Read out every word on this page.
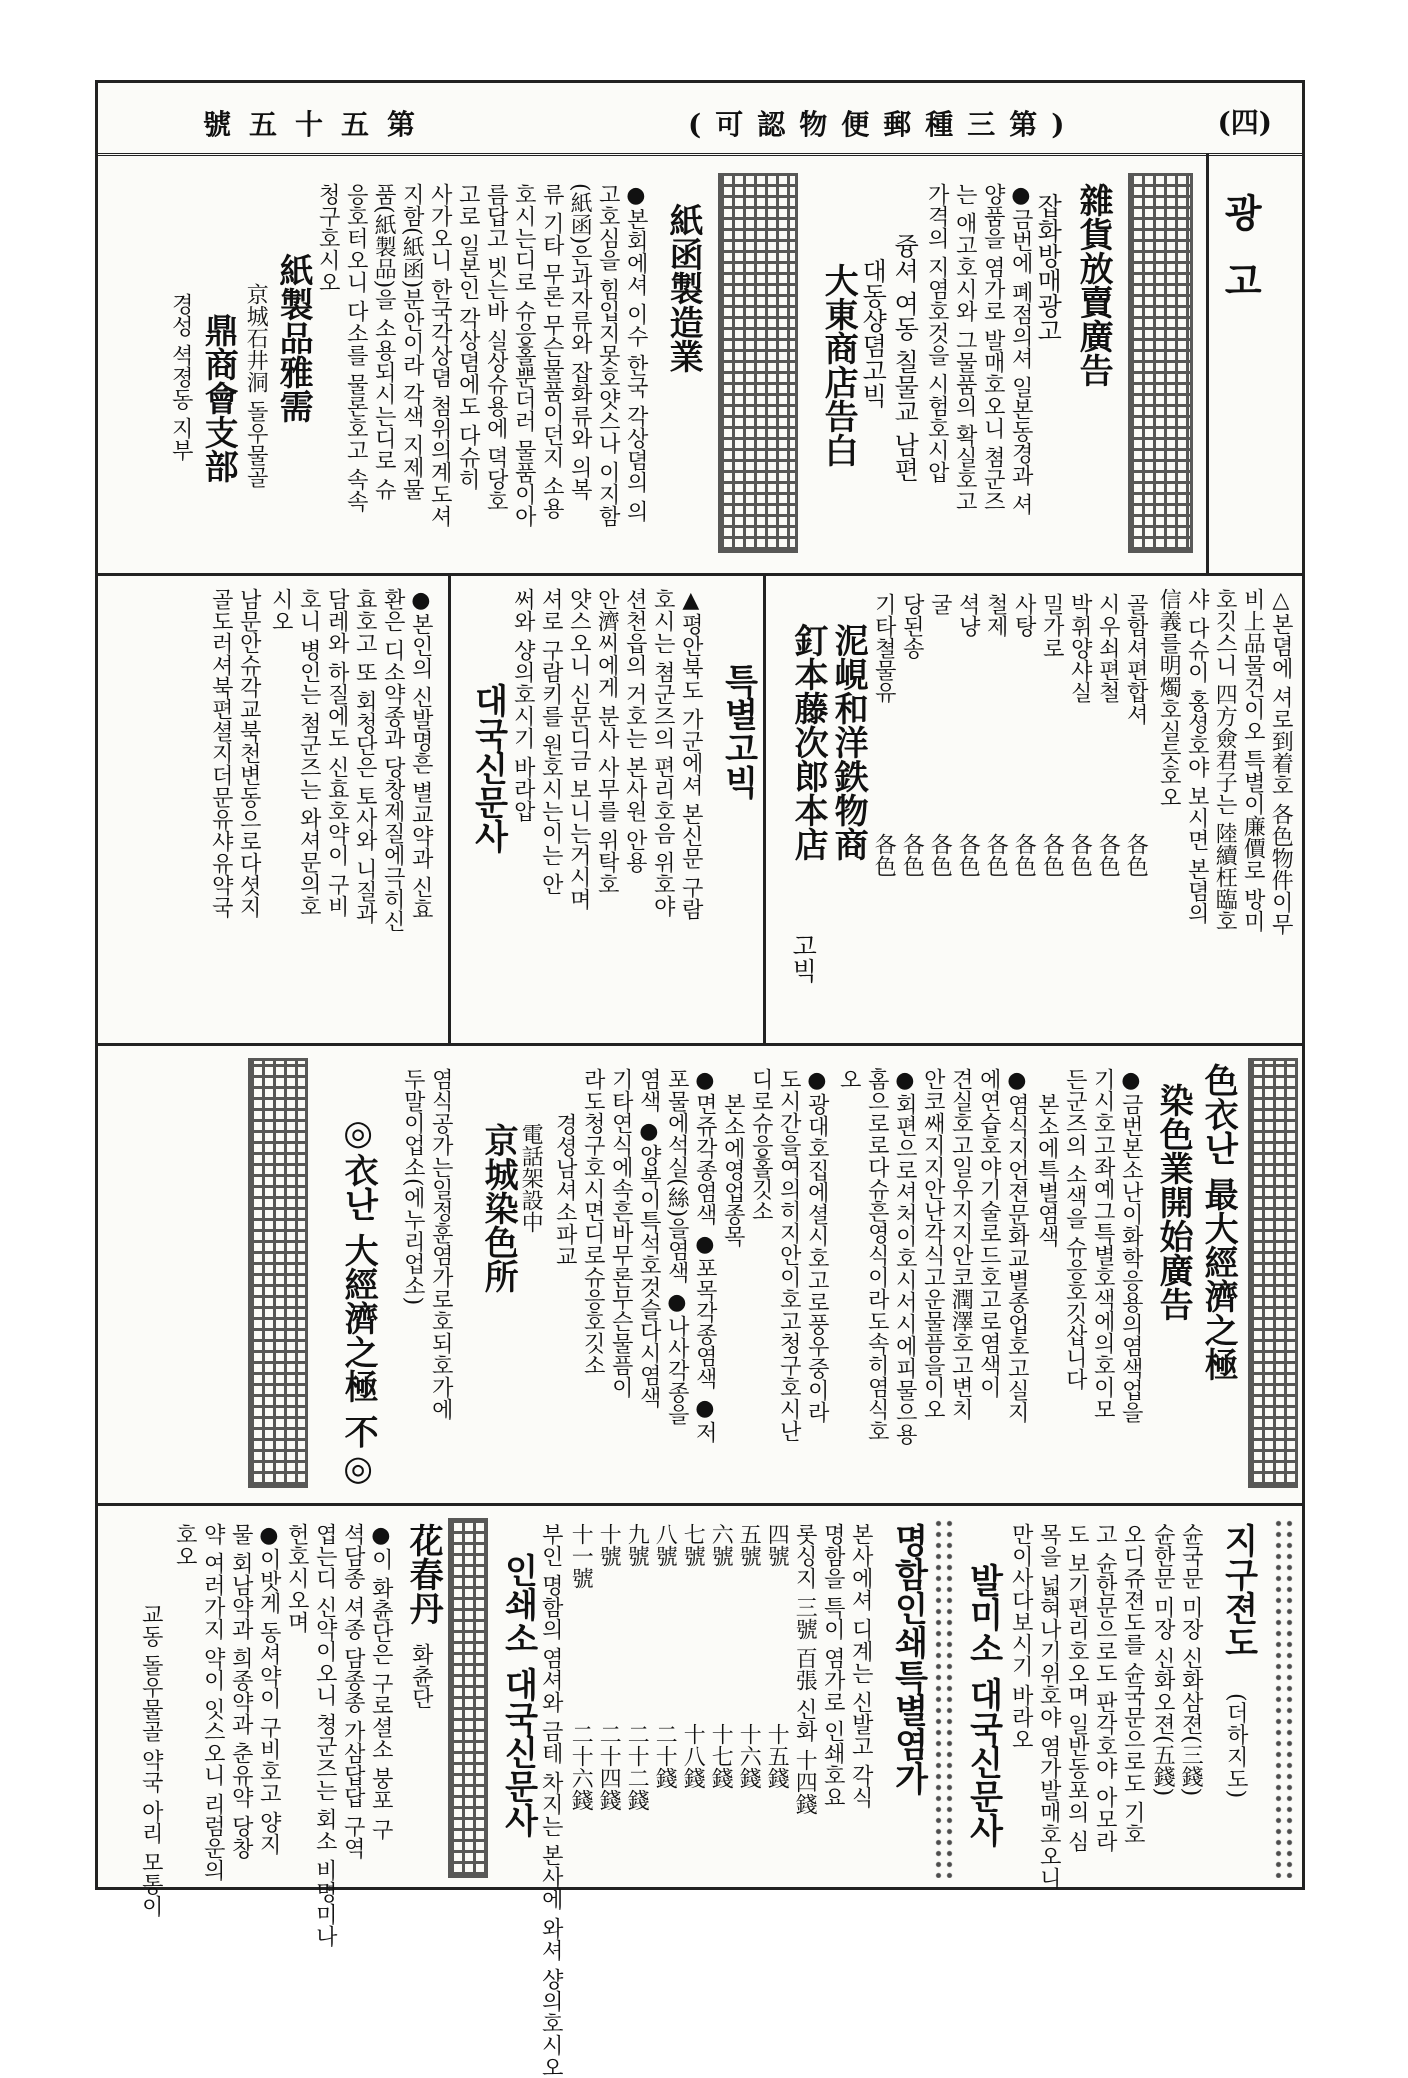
號五十五第	(可認物便郵種三第)	(四)
광고
雜貨放賣廣告
잡화방매광고
●금번에 폐점의셔 일본동경과 셔
양품을 염가로 발매호오니 쳠군즈
는 애고호시와 그물품의 확실호고
가격의 지염호것을 시험호시압
즁셔 여동 칠물교 남편
대동샹뎜고빅
大東商店告白
紙函製造業
●본회에셔 이수 한국 각상뎜의 의
고호심을 힘입지못호얏스나 이지함
(紙函)은과자류와 잡화류와 의복
류 기타 무론 무슨물품이던지 소용
호시는디로 슈응홀뿐더러 물품이아
름답고 빗는바 실상슈용에 뎍당호
고로 일본인 각상뎜에도 다슈히
사가오니 한국각상뎜 첨위의계도셔
지함(紙函)분안이라 각색 지제물
품(紙製品)을 소용되시는디로 슈
응호터오니 다소를 물론호고 속속
청구호시오
紙製品雅需
京城石井洞 돌우물골
鼎商會支部
경성 셕졍동 지부
△본뎜에 셔로到着호 各色物件이무
비上品물건이오 특별이廉價로 방미
호깃스니 四方僉君子는 陸續枉臨호
샤 다슈이 홍셩호야 보시면 본뎜의
信義를明燭호실듯호오
골함셔편합셔
各色
시우쇠편철
各色
박휘양샤실
各色
밀가로
各色
사탕
各色
철제
各色
셕냥
各色
굴
各色
당된송
各色
기타쳘물유
各色
泥峴和洋鉄物商
釘本藤次郎本店
고빅
특별고빅
▲평안북도 가군에셔 본신문 구람
호시는 쳠군즈의 편리호음 위호야
션천읍의 거호는 본사원 안용
안濟씨에게 분사 사무를 위탁호
얏스오니 신문디금 보니는거시며
셔로 구람키를 원호시는이는 안
써와 샹의호시기 바라압
대국신문사
●본인의 신발명흔 별교약과 신효
환은 디소약종과 당창제질에극히신
효호고 또 회청단은 토사와 니질과
담레와 하질에도 신효호약이 구비
호니 병인는 첨군즈는 와셔문의호
시오
남문안슈각교북천변동으로다셧지
골도러셔북편셜지더문유샤유약국
色衣난 最大經濟之極
染色業開始廣告
●금번본소난이화학응용의염색업을
기시호고좌예그특별호색에의호이모
든군즈의 소색을 슈응호깃삽니다
본소에특별염색
●염식지언젼문화교별종업호고실지
에연습호야기술로드호고로염색이
견실호고일우지지안코潤澤호고변치
안코쌔지지안난각식고운물픔을이오
●회편으로셔처이호시서시에피물으용
홈으로로다슈흔영식이라도속히염식호
오
●광대호집에셜시호고로풍우중이라
도시간을여의히지안이호고청구호시난
디로슈응홀깃소
본소에영업종목
●면쥬각종염색 ●포목각종염색 ●저
포물에석실(絲)을염색 ●나사각종을
염색 ●양복이특석호것슬다시염색
기타연식에속흔바무론무슨물픔이
라도청구호시면디로슈응호깃소
경셩남셔소파교
電話架設中
京城染色所
염식공가는일정훈염가로호되호가에
두말이업소(에누리업소)
◎衣난 大經濟之極 不◎
지구젼도
(더하지도)
슌국문 미장 신화삼젼(三錢)
슌한문 미장 신화오젼(五錢)
오디쥬젼도를 슌국문으로도 기호
고 슌한문으로도 판각호야 아모라
도 보기편리호오며 일반동포의 심
목을 넓혀나기위호야 염가발매호오니
만이사다보시기 바라오
발미소 대국신문사
명함인쇄특별염가
본사에셔 디계는 신발고 각식
명함을 특이 염가로 인쇄호요
롯싱지 三號 百張 신화 十四錢
四號
十五錢
五號
十六錢
六號
十七錢
七號
十八錢
八號
二十錢
九號
二十二錢
十號
二十四錢
十一號
二十六錢
부인 명함의 염셔와 금테 차지는 본사에 와셔 샹의호시오
인쇄소 대국신문사
花春丹
화츈단
●이 화츈단은 구로셜소 붕포 구
셕담종 셔종 담종종 가삼답답 구역
엽는디 신약이오니 쳥군즈는 회소 비명미나
헌호시오며
●이밧게 동셔약이 구비호고 양지
물 회남약과 희종약과 춘유약 당창
약 여러가지 약이 잇스오니 리럼운의
호오
교동 돌우물골 약국 아리 모통이
